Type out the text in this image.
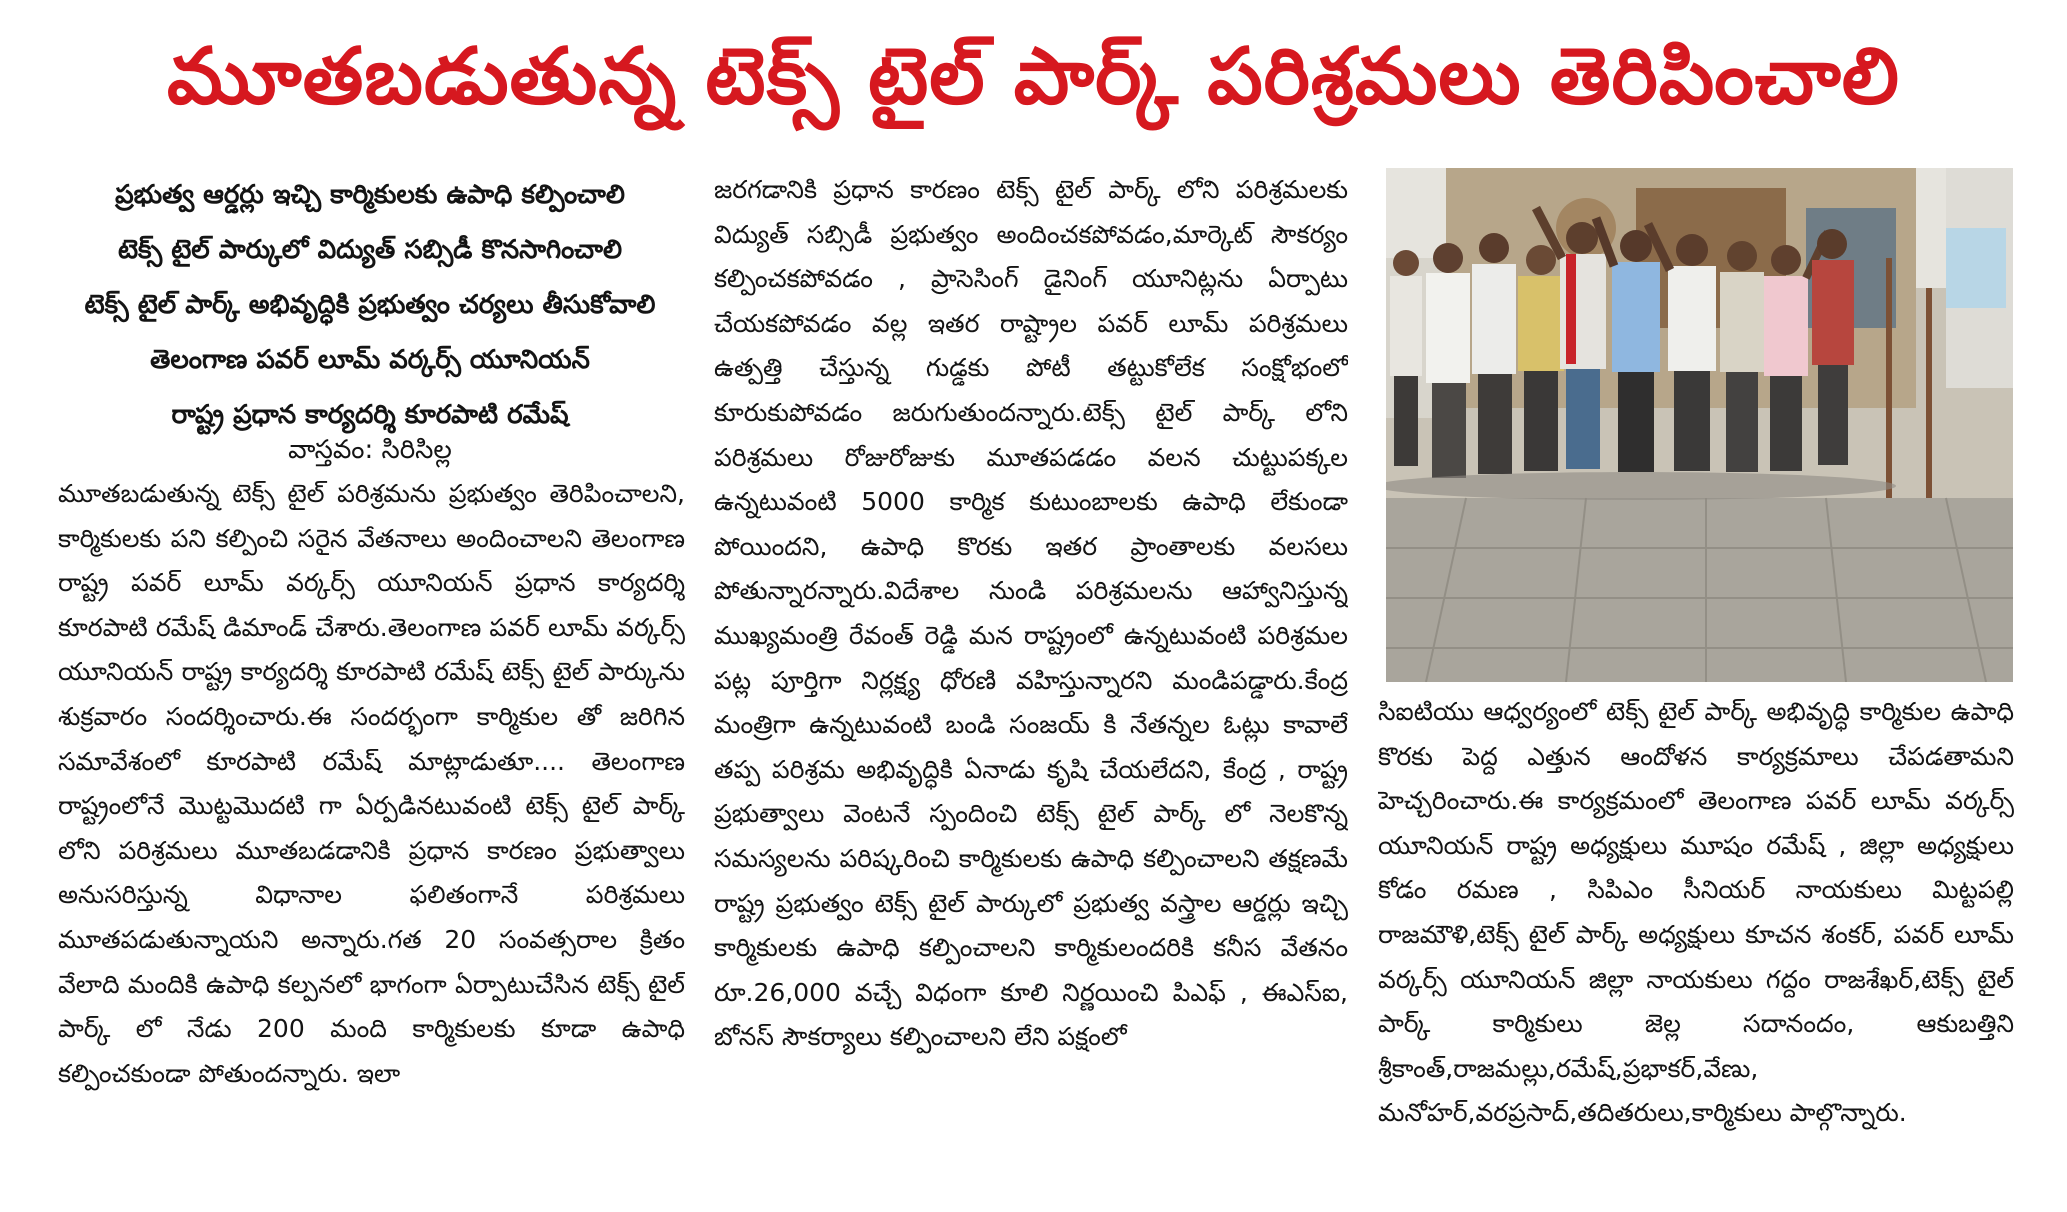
మూతబడుతున్న టెక్స్ టైల్ పార్క్ పరిశ్రమలు తెరిపించాలి
ప్రభుత్వ ఆర్డర్లు ఇచ్చి కార్మికులకు ఉపాధి కల్పించాలి
టెక్స్ టైల్ పార్కులో విద్యుత్ సబ్సిడీ కొనసాగించాలి
టెక్స్ టైల్ పార్క్ అభివృద్ధికి ప్రభుత్వం చర్యలు తీసుకోవాలి
తెలంగాణ పవర్ లూమ్ వర్కర్స్ యూనియన్
రాష్ట్ర ప్రధాన కార్యదర్శి కూరపాటి రమేష్
వాస్తవం: సిరిసిల్ల

మూతబడుతున్న టెక్స్ టైల్ పరిశ్రమను ప్రభుత్వం తెరిపించాలని, కార్మికులకు పని కల్పించి సరైన వేతనాలు అందించాలని తెలంగాణ రాష్ట్ర పవర్ లూమ్ వర్కర్స్ యూనియన్ ప్రధాన కార్యదర్శి కూరపాటి రమేష్ డిమాండ్ చేశారు.తెలంగాణ పవర్ లూమ్ వర్కర్స్ యూనియన్ రాష్ట్ర కార్యదర్శి కూరపాటి రమేష్ టెక్స్ టైల్ పార్కును శుక్రవారం సందర్శించారు.ఈ సందర్భంగా కార్మికుల తో జరిగిన సమావేశంలో కూరపాటి రమేష్ మాట్లాడుతూ.... తెలంగాణ రాష్ట్రంలోనే మొట్టమొదటి గా ఏర్పడినటువంటి టెక్స్ టైల్ పార్క్ లోని పరిశ్రమలు మూతబడడానికి ప్రధాన కారణం ప్రభుత్వాలు అనుసరిస్తున్న విధానాల ఫలితంగానే పరిశ్రమలు మూతపడుతున్నాయని అన్నారు.గత 20 సంవత్సరాల క్రితం వేలాది మందికి ఉపాధి కల్పనలో భాగంగా ఏర్పాటుచేసిన టెక్స్ టైల్ పార్క్ లో నేడు 200 మంది కార్మికులకు కూడా ఉపాధి కల్పించకుండా పోతుందన్నారు. ఇలా

జరగడానికి ప్రధాన కారణం టెక్స్ టైల్ పార్క్ లోని పరిశ్రమలకు విద్యుత్ సబ్సిడీ ప్రభుత్వం అందించకపోవడం,మార్కెట్ సౌకర్యం కల్పించకపోవడం , ప్రాసెసింగ్ డైనింగ్ యూనిట్లను ఏర్పాటు చేయకపోవడం వల్ల ఇతర రాష్ట్రాల పవర్ లూమ్ పరిశ్రమలు ఉత్పత్తి చేస్తున్న గుడ్డకు పోటీ తట్టుకోలేక సంక్షోభంలో కూరుకుపోవడం జరుగుతుందన్నారు.టెక్స్ టైల్ పార్క్ లోని పరిశ్రమలు రోజురోజుకు మూతపడడం వలన చుట్టుపక్కల ఉన్నటువంటి 5000 కార్మిక కుటుంబాలకు ఉపాధి లేకుండా పోయిందని, ఉపాధి కొరకు ఇతర ప్రాంతాలకు వలసలు పోతున్నారన్నారు.విదేశాల నుండి పరిశ్రమలను ఆహ్వానిస్తున్న ముఖ్యమంత్రి రేవంత్ రెడ్డి మన రాష్ట్రంలో ఉన్నటువంటి పరిశ్రమల పట్ల పూర్తిగా నిర్లక్ష్య ధోరణి వహిస్తున్నారని మండిపడ్డారు.కేంద్ర మంత్రిగా ఉన్నటువంటి బండి సంజయ్ కి నేతన్నల ఓట్లు కావాలే తప్ప పరిశ్రమ అభివృద్ధికి ఏనాడు కృషి చేయలేదని, కేంద్ర , రాష్ట్ర ప్రభుత్వాలు వెంటనే స్పందించి టెక్స్ టైల్ పార్క్ లో నెలకొన్న సమస్యలను పరిష్కరించి కార్మికులకు ఉపాధి కల్పించాలని తక్షణమే రాష్ట్ర ప్రభుత్వం టెక్స్ టైల్ పార్కులో ప్రభుత్వ వస్త్రాల ఆర్డర్లు ఇచ్చి కార్మికులకు ఉపాధి కల్పించాలని కార్మికులందరికి కనీస వేతనం రూ.26,000 వచ్చే విధంగా కూలి నిర్ణయించి పిఎఫ్ , ఈఎస్ఐ, బోనస్ సౌకర్యాలు కల్పించాలని లేని పక్షంలో

సిఐటియు ఆధ్వర్యంలో టెక్స్ టైల్ పార్క్ అభివృద్ధి కార్మికుల ఉపాధి కొరకు పెద్ద ఎత్తున ఆందోళన కార్యక్రమాలు చేపడతామని హెచ్చరించారు.ఈ కార్యక్రమంలో తెలంగాణ పవర్ లూమ్ వర్కర్స్ యూనియన్ రాష్ట్ర అధ్యక్షులు మూషం రమేష్ , జిల్లా అధ్యక్షులు కోడం రమణ , సిపిఎం సీనియర్ నాయకులు మిట్టపల్లి రాజమౌళి,టెక్స్ టైల్ పార్క్ అధ్యక్షులు కూచన శంకర్, పవర్ లూమ్ వర్కర్స్ యూనియన్ జిల్లా నాయకులు గద్దం రాజశేఖర్,టెక్స్ టైల్ పార్క్ కార్మికులు జెల్ల సదానందం, ఆకుబత్తిని శ్రీకాంత్,రాజమల్లు,రమేష్,ప్రభాకర్,వేణు, మనోహర్,వరప్రసాద్,తదితరులు,కార్మికులు పాల్గొన్నారు.
